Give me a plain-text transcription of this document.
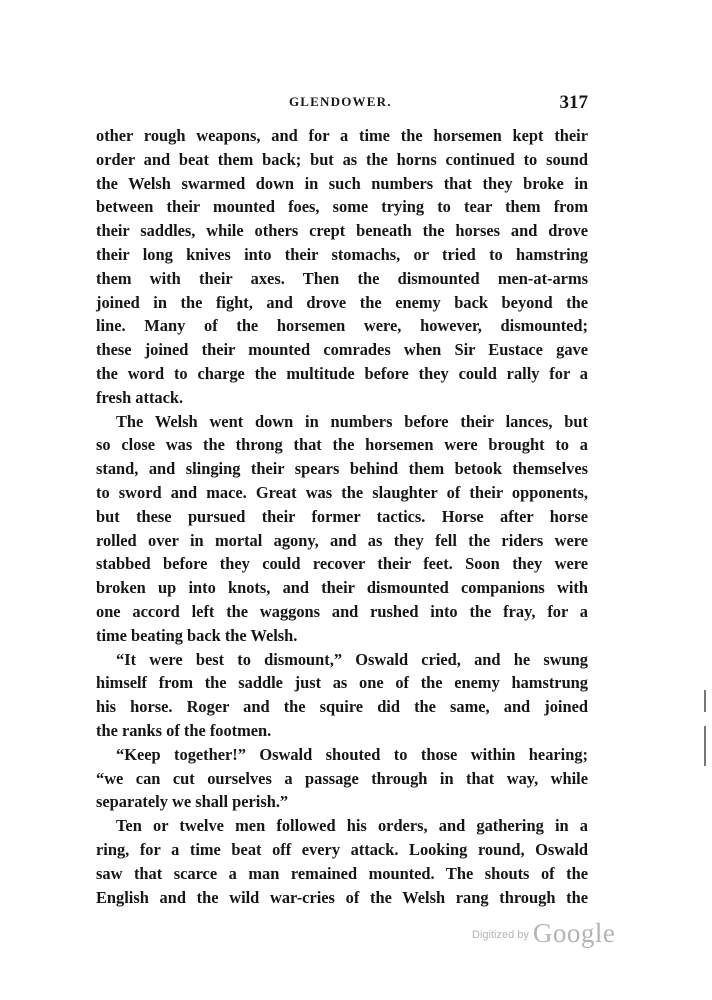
GLENDOWER.	317
other rough weapons, and for a time the horsemen kept their
order and beat them back; but as the horns continued to sound
the Welsh swarmed down in such numbers that they broke in
between their mounted foes, some trying to tear them from
their saddles, while others crept beneath the horses and drove
their long knives into their stomachs, or tried to hamstring
them with their axes. Then the dismounted men-at-arms
joined in the fight, and drove the enemy back beyond the
line. Many of the horsemen were, however, dismounted;
these joined their mounted comrades when Sir Eustace gave
the word to charge the multitude before they could rally for a
fresh attack.
The Welsh went down in numbers before their lances, but
so close was the throng that the horsemen were brought to a
stand, and slinging their spears behind them betook themselves
to sword and mace. Great was the slaughter of their opponents,
but these pursued their former tactics. Horse after horse
rolled over in mortal agony, and as they fell the riders were
stabbed before they could recover their feet. Soon they were
broken up into knots, and their dismounted companions with
one accord left the waggons and rushed into the fray, for a
time beating back the Welsh.
“It were best to dismount,” Oswald cried, and he swung
himself from the saddle just as one of the enemy hamstrung
his horse. Roger and the squire did the same, and joined
the ranks of the footmen.
“Keep together!” Oswald shouted to those within hearing;
“we can cut ourselves a passage through in that way, while
separately we shall perish.”
Ten or twelve men followed his orders, and gathering in a
ring, for a time beat off every attack. Looking round, Oswald
saw that scarce a man remained mounted. The shouts of the
English and the wild war-cries of the Welsh rang through the
$^{Digitized by}$ Google
